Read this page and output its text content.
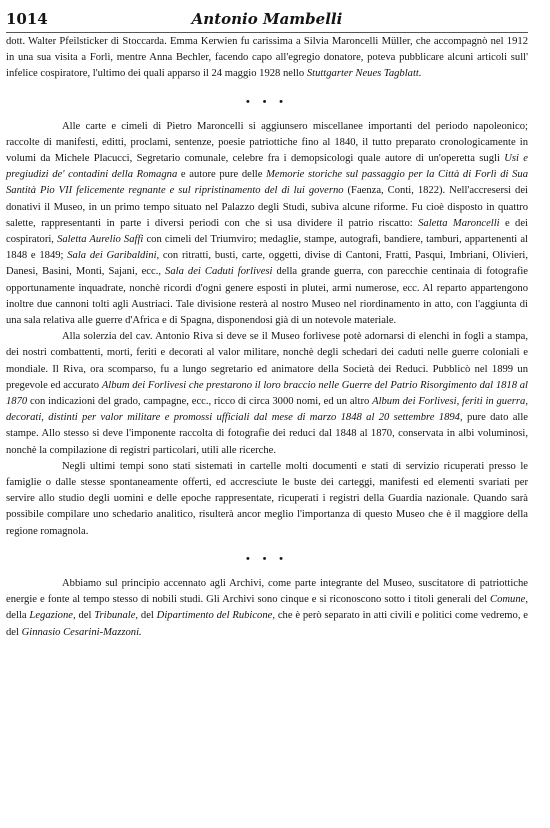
1014	Antonio Mambelli

dott. Walter Pfeilsticker di Stoccarda. Emma Kerwien fu carissima a Silvia Maroncelli Müller, che accompagnò nel 1912 in una sua visita a Forlì, mentre Anna Bechler, facendo capo all'egregio donatore, poteva pubblicare alcuni articoli sull' infelice cospiratore, l'ultimo dei quali apparso il 24 maggio 1928 nello Stuttgarter Neues Tagblatt.

• • •

Alle carte e cimeli di Pietro Maroncelli si aggiunsero miscellanee importanti del periodo napoleonico; raccolte di manifesti, editti, proclami, sentenze, poesie patriottiche fino al 1840, il tutto preparato cronologicamente in volumi da Michele Placucci, Segretario comunale, celebre fra i demopsicologi quale autore di un'operetta sugli Usi e pregiudizi de' contadini della Romagna e autore pure delle Memorie storiche sul passaggio per la Città di Forlì di Sua Santità Pio VII felicemente regnante e sul ripristinamento del di lui governo (Faenza, Conti, 1822). Nell'accresersi dei donativi il Museo, in un primo tempo situato nel Palazzo degli Studi, subiva alcune riforme. Fu cioè disposto in quattro salette, rappresentanti in parte i diversi periodi con che si usa dividere il patrio riscatto: Saletta Maroncelli e dei cospiratori, Saletta Aurelio Saffi con cimeli del Triumviro; medaglie, stampe, autografi, bandiere, tamburi, appartenenti al 1848 e 1849; Sala dei Garibaldini, con ritratti, busti, carte, oggetti, divise di Cantoni, Fratti, Pasqui, Imbriani, Olivieri, Danesi, Basini, Monti, Sajani, ecc., Sala dei Caduti forlivesi della grande guerra, con parecchie centinaia di fotografie opportunamente inquadrate, nonchè ricordi d'ogni genere esposti in plutei, armi numerose, ecc. Al reparto appartengono inoltre due cannoni tolti agli Austriaci. Tale divisione resterà al nostro Museo nel riordinamento in atto, con l'aggiunta di una sala relativa alle guerre d'Africa e di Spagna, disponendosi già di un notevole materiale.

Alla solerzia del cav. Antonio Riva si deve se il Museo forlivese potè adornarsi di elenchi in fogli a stampa, dei nostri combattenti, morti, feriti e decorati al valor militare, nonchè degli schedari dei caduti nelle guerre coloniali e mondiale. Il Riva, ora scomparso, fu a lungo segretario ed animatore della Società dei Reduci. Pubblicò nel 1899 un pregevole ed accurato Album dei Forlivesi che prestarono il loro braccio nelle Guerre del Patrio Risorgimento dal 1818 al 1870 con indicazioni del grado, campagne, ecc., ricco di circa 3000 nomi, ed un altro Album dei Forlivesi, feriti in guerra, decorati, distinti per valor militare e promossi ufficiali dal mese di marzo 1848 al 20 settembre 1894, pure dato alle stampe. Allo stesso si deve l'imponente raccolta di fotografie dei reduci dal 1848 al 1870, conservata in albi voluminosi, nonchè la compilazione di registri particolari, utili alle ricerche.

Negli ultimi tempi sono stati sistemati in cartelle molti documenti e stati di servizio ricuperati presso le famiglie o dalle stesse spontaneamente offerti, ed accresciute le buste dei carteggi, manifesti ed elementi svariati per servire allo studio degli uomini e delle epoche rappresentate, ricuperati i registri della Guardia nazionale. Quando sarà possibile compilare uno schedario analitico, risulterà ancor meglio l'importanza di questo Museo che è il maggiore della regione romagnola.

• • •

Abbiamo sul principio accennato agli Archivi, come parte integrante del Museo, suscitatore di patriottiche energie e fonte al tempo stesso di nobili studi. Gli Archivi sono cinque e si riconoscono sotto i titoli generali del Comune, della Legazione, del Tribunale, del Dipartimento del Rubicone, che è però separato in atti civili e politici come vedremo, e del Ginnasio Cesarini-Mazzoni.
